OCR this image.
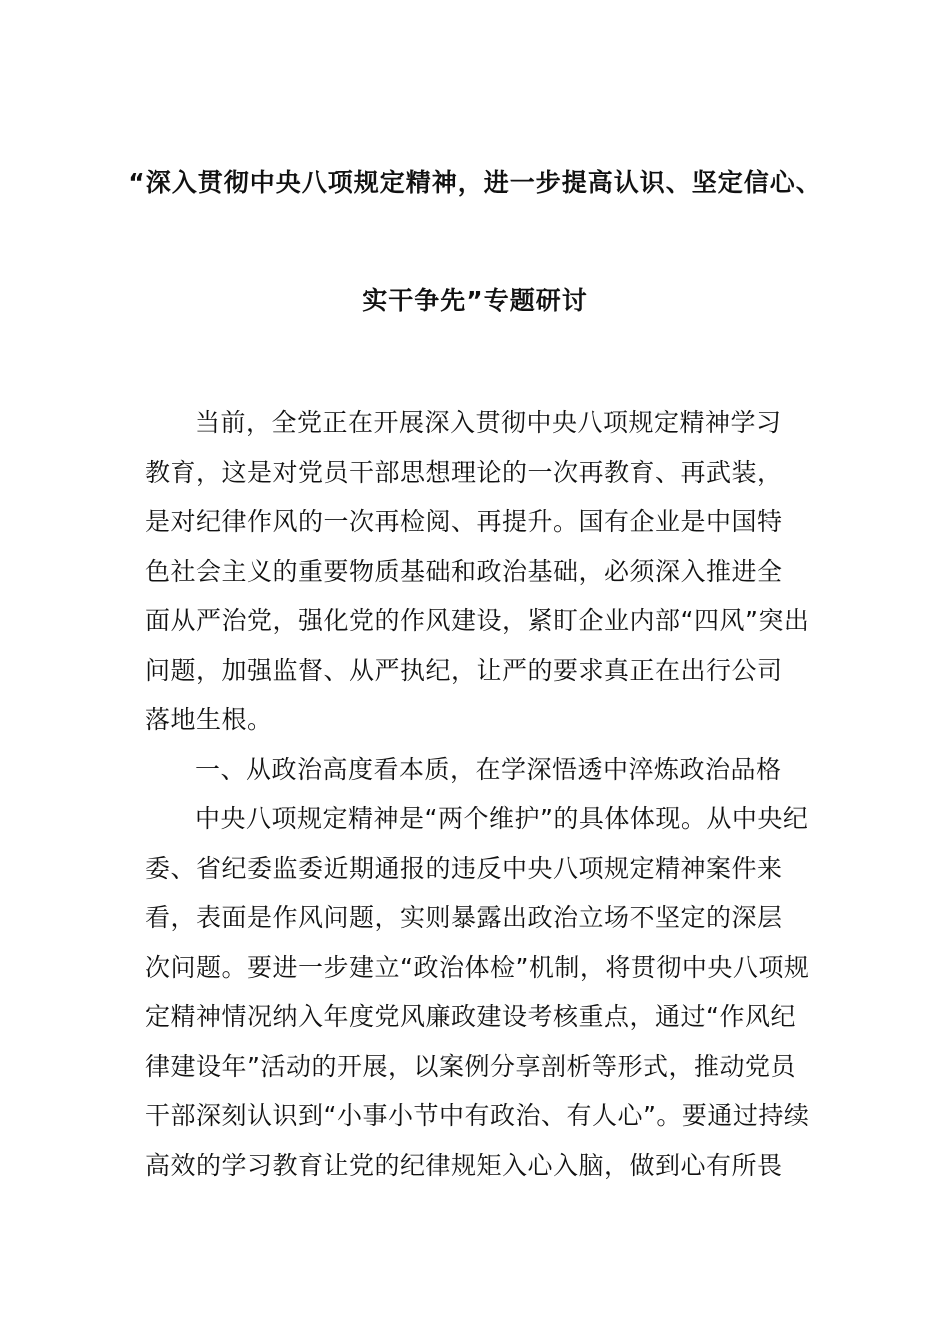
“深入贯彻中央八项规定精神，进一步提高认识、坚定信心、
实干争先”专题研讨
当前，全党正在开展深入贯彻中央八项规定精神学习
教育，这是对党员干部思想理论的一次再教育、再武装，
是对纪律作风的一次再检阅、再提升。国有企业是中国特
色社会主义的重要物质基础和政治基础，必须深入推进全
面从严治党，强化党的作风建设，紧盯企业内部“四风”突出
问题，加强监督、从严执纪，让严的要求真正在出行公司
落地生根。
一、从政治高度看本质，在学深悟透中淬炼政治品格
中央八项规定精神是“两个维护”的具体体现。从中央纪
委、省纪委监委近期通报的违反中央八项规定精神案件来
看，表面是作风问题，实则暴露出政治立场不坚定的深层
次问题。要进一步建立“政治体检”机制，将贯彻中央八项规
定精神情况纳入年度党风廉政建设考核重点，通过“作风纪
律建设年”活动的开展，以案例分享剖析等形式，推动党员
干部深刻认识到“小事小节中有政治、有人心”。要通过持续
高效的学习教育让党的纪律规矩入心入脑，做到心有所畏
